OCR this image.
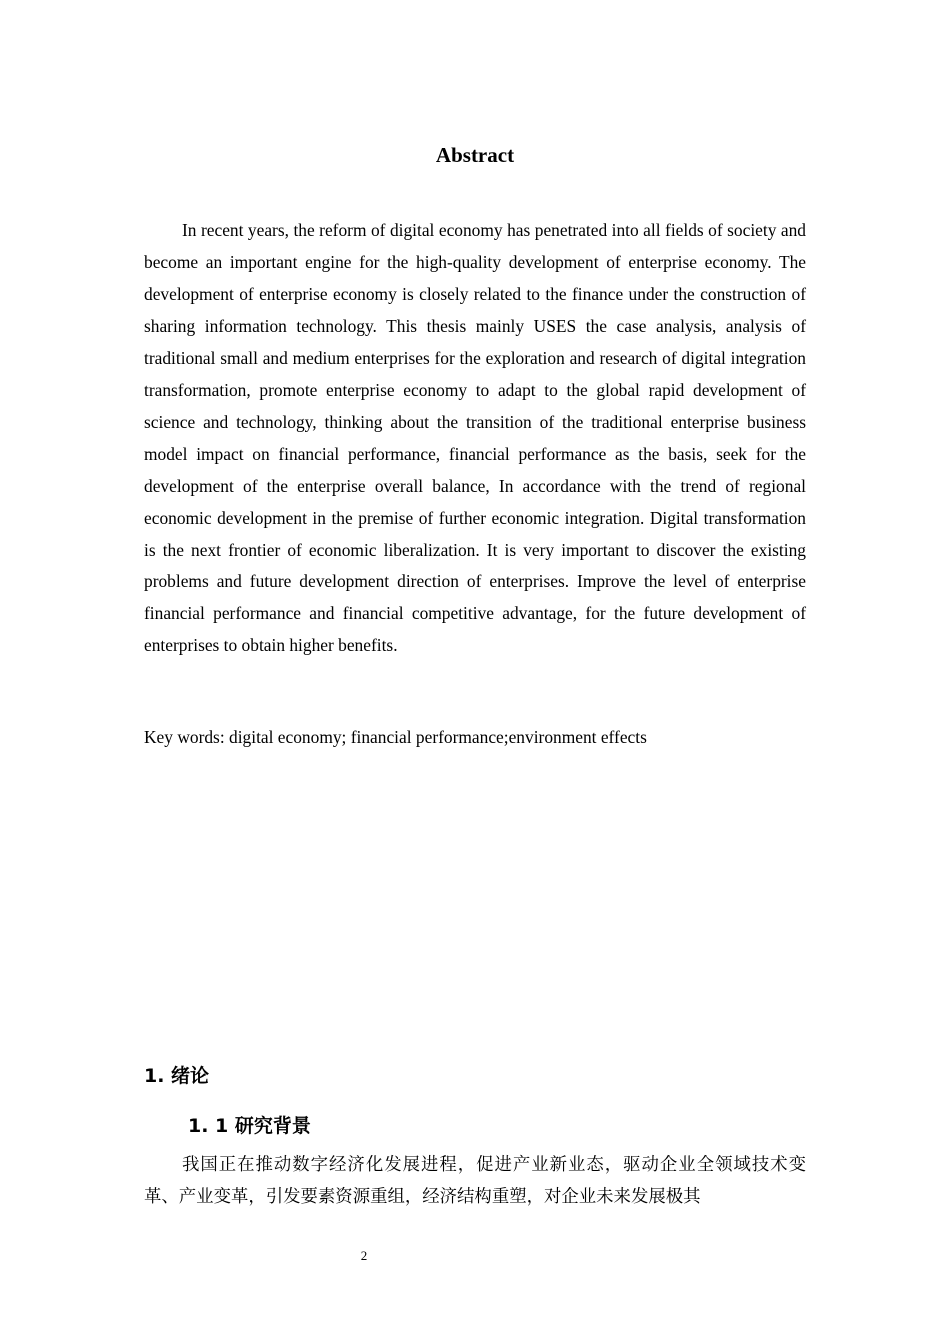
Abstract

In recent years, the reform of digital economy has penetrated into all fields of society and become an important engine for the high-quality development of enterprise economy. The development of enterprise economy is closely related to the finance under the construction of sharing information technology. This thesis mainly USES the case analysis, analysis of traditional small and medium enterprises for the exploration and research of digital integration transformation, promote enterprise economy to adapt to the global rapid development of science and technology, thinking about the transition of the traditional enterprise business model impact on financial performance, financial performance as the basis, seek for the development of the enterprise overall balance, In accordance with the trend of regional economic development in the premise of further economic integration. Digital transformation is the next frontier of economic liberalization. It is very important to discover the existing problems and future development direction of enterprises. Improve the level of enterprise financial performance and financial competitive advantage, for the future development of enterprises to obtain higher benefits.

Key words: digital economy; financial performance;environment effects

1. 绪论
1. 1 研究背景

我国正在推动数字经济化发展进程，促进产业新业态，驱动企业全领域技术变革、产业变革，引发要素资源重组，经济结构重塑，对企业未来发展极其

2
